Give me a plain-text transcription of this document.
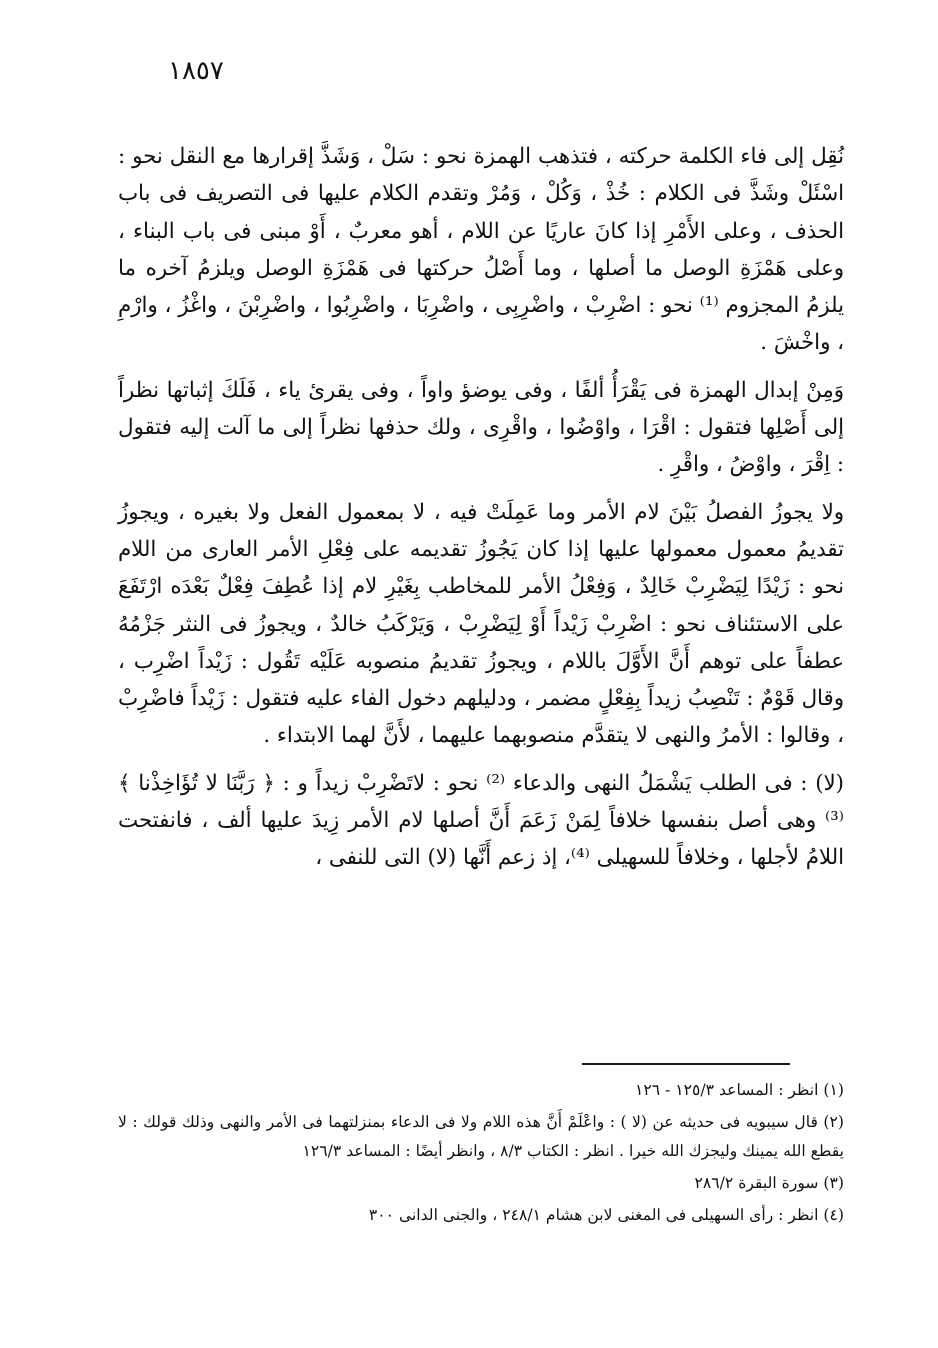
١٨٥٧

نُقِل إلى فاء الكلمة حركته ، فتذهب الهمزة نحو : سَلْ ، وَشَذَّ إقرارها مع النقل نحو : اسْئَلْ وشَذَّ فى الكلام : خُذْ ، وَكُلْ ، وَمُرْ وتقدم الكلام عليها فى التصريف فى باب الحذف ، وعلى الأَمْرِ إذا كانَ عاريًا عن اللام ، أهو معربٌ ، أَوْ مبنى فى باب البناء ، وعلى هَمْزَةِ الوصل ما أصلها ، وما أَصْلُ حركتها فى هَمْزَةِ الوصل ويلزمُ آخره ما يلزمُ المجزوم ⁽¹⁾ نحو : اضْرِبْ ، واضْرِبِى ، واضْرِبَا ، واضْرِبُوا ، واضْرِبْنَ ، واغْزُ ، وارْمِ ، واخْشَ .

وَمِنْ إبدال الهمزة فى يَقْرَأُ ألفًا ، وفى يوضؤ واواً ، وفى يقرئ ياء ، فَلَكَ إثباتها نظراً إلى أَصْلِها فتقول : اقْرَا ، واوْضُوا ، واقْرِى ، ولك حذفها نظراً إلى ما آلت إليه فتقول : اِقْرَ ، واوْضُ ، واقْرِ .

ولا يجوزُ الفصلُ بَيْنَ لام الأمر وما عَمِلَتْ فيه ، لا بمعمول الفعل ولا بغيره ، ويجوزُ تقديمُ معمول معمولها عليها إذا كان يَجُوزُ تقديمه على فِعْلِ الأمر العارى من اللام نحو : زَيْدًا لِيَضْرِبْ خَالِدٌ ، وَفِعْلُ الأمر للمخاطب بِغَيْرِ لام إذا عُطِفَ فِعْلٌ بَعْدَه ارْتَفَعَ على الاستئناف نحو : اضْرِبْ زَيْداً أَوْ لِيَضْرِبْ ، وَيَرْكَبُ خالدٌ ، ويجوزُ فى النثر جَزْمُهُ عطفاً على توهم أَنَّ الأَوَّلَ باللام ، ويجوزُ تقديمُ منصوبه عَلَيْه تَقُول : زَيْداً اضْرِب ، وقال قَوْمٌ : تَنْصِبُ زيداً بِفِعْلٍ مضمر ، ودليلهم دخول الفاء عليه فتقول : زَيْداً فاضْرِبْ ، وقالوا : الأمرُ والنهى لا يتقدَّم منصوبهما عليهما ، لأَنَّ لهما الابتداء .

(لا) : فى الطلب يَشْمَلُ النهى والدعاء ⁽²⁾ نحو : لاتَضْرِبْ زيداً و : ﴿ رَبَّنَا لا تُؤَاخِذْنا ﴾ ⁽³⁾ وهى أصل بنفسها خلافاً لِمَنْ زَعَمَ أَنَّ أصلها لام الأمر زِيدَ عليها ألف ، فانفتحت اللامُ لأجلها ، وخلافاً للسهيلى ⁽⁴⁾، إذ زعم أَنَّها (لا) التى للنفى ،

(١) انظر : المساعد ١٢٥/٣ - ١٢٦
(٢) قال سيبويه فى حديثه عن (لا ) : واعْلَمْ أَنَّ هذه اللام ولا فى الدعاء بمنزلتهما فى الأمر والنهى وذلك قولك : لا يقطع الله يمينك وليجزك الله خيرا . انظر : الكتاب ٨/٣ ، وانظر أيضًا : المساعد ١٢٦/٣
(٣) سورة البقرة ٢٨٦/٢
(٤) انظر : رأى السهيلى فى المغنى لابن هشام ٢٤٨/١ ، والجنى الدانى ٣٠٠
